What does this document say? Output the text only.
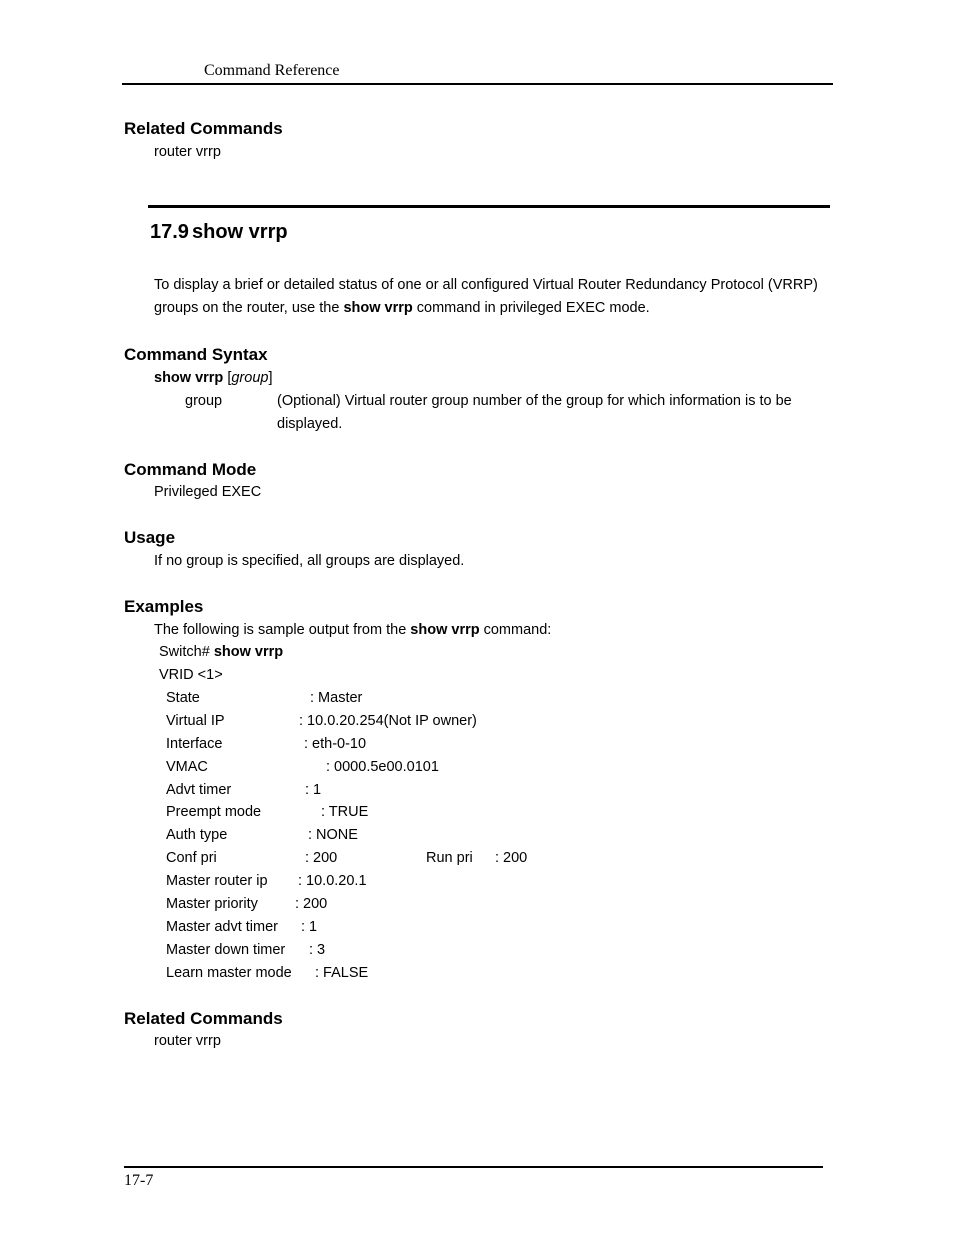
Command Reference
Related Commands
router vrrp
17.9 show vrrp
To display a brief or detailed status of one or all configured Virtual Router Redundancy Protocol (VRRP)
groups on the router, use the show vrrp command in privileged EXEC mode.
Command Syntax
show vrrp [group]
group	(Optional) Virtual router group number of the group for which information is to be
displayed.
Command Mode
Privileged EXEC
Usage
If no group is specified, all groups are displayed.
Examples
The following is sample output from the show vrrp command:
Switch# show vrrp
VRID <1>
State	: Master
Virtual IP	: 10.0.20.254(Not IP owner)
Interface	: eth-0-10
VMAC	: 0000.5e00.0101
Advt timer	: 1
Preempt mode	: TRUE
Auth type	: NONE
Conf pri	: 200	Run pri : 200
Master router ip : 10.0.20.1
Master priority	: 200
Master advt timer : 1
Master down timer : 3
Learn master mode : FALSE
Related Commands
router vrrp
17-7
